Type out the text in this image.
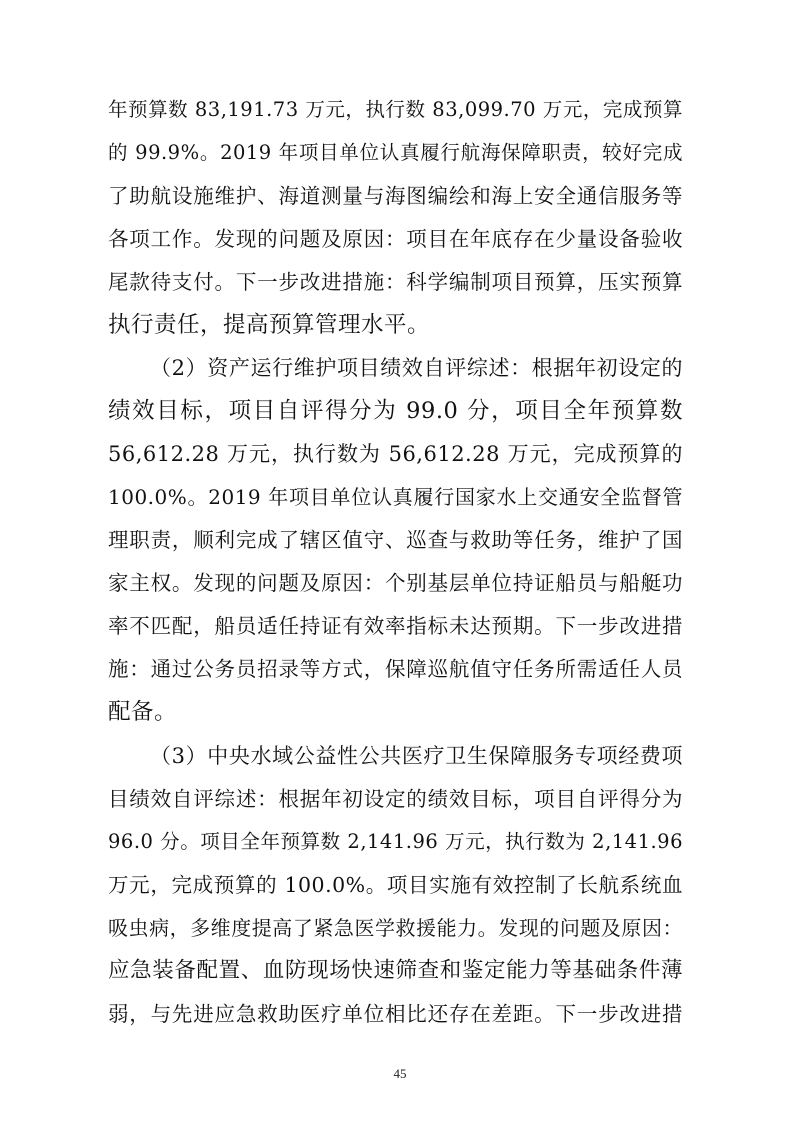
年预算数 83,191.73 万元，执行数 83,099.70 万元，完成预算
的 99.9%。2019 年项目单位认真履行航海保障职责，较好完成
了助航设施维护、海道测量与海图编绘和海上安全通信服务等
各项工作。发现的问题及原因：项目在年底存在少量设备验收
尾款待支付。下一步改进措施：科学编制项目预算，压实预算
执行责任，提高预算管理水平。
（2）资产运行维护项目绩效自评综述：根据年初设定的
绩效目标，项目自评得分为 99.0 分，项目全年预算数
56,612.28 万元，执行数为 56,612.28 万元，完成预算的
100.0%。2019 年项目单位认真履行国家水上交通安全监督管
理职责，顺利完成了辖区值守、巡查与救助等任务，维护了国
家主权。发现的问题及原因：个别基层单位持证船员与船艇功
率不匹配，船员适任持证有效率指标未达预期。下一步改进措
施：通过公务员招录等方式，保障巡航值守任务所需适任人员
配备。
（3）中央水域公益性公共医疗卫生保障服务专项经费项
目绩效自评综述：根据年初设定的绩效目标，项目自评得分为
96.0 分。项目全年预算数 2,141.96 万元，执行数为 2,141.96
万元，完成预算的 100.0%。项目实施有效控制了长航系统血
吸虫病，多维度提高了紧急医学救援能力。发现的问题及原因：
应急装备配置、血防现场快速筛查和鉴定能力等基础条件薄
弱，与先进应急救助医疗单位相比还存在差距。下一步改进措
45
